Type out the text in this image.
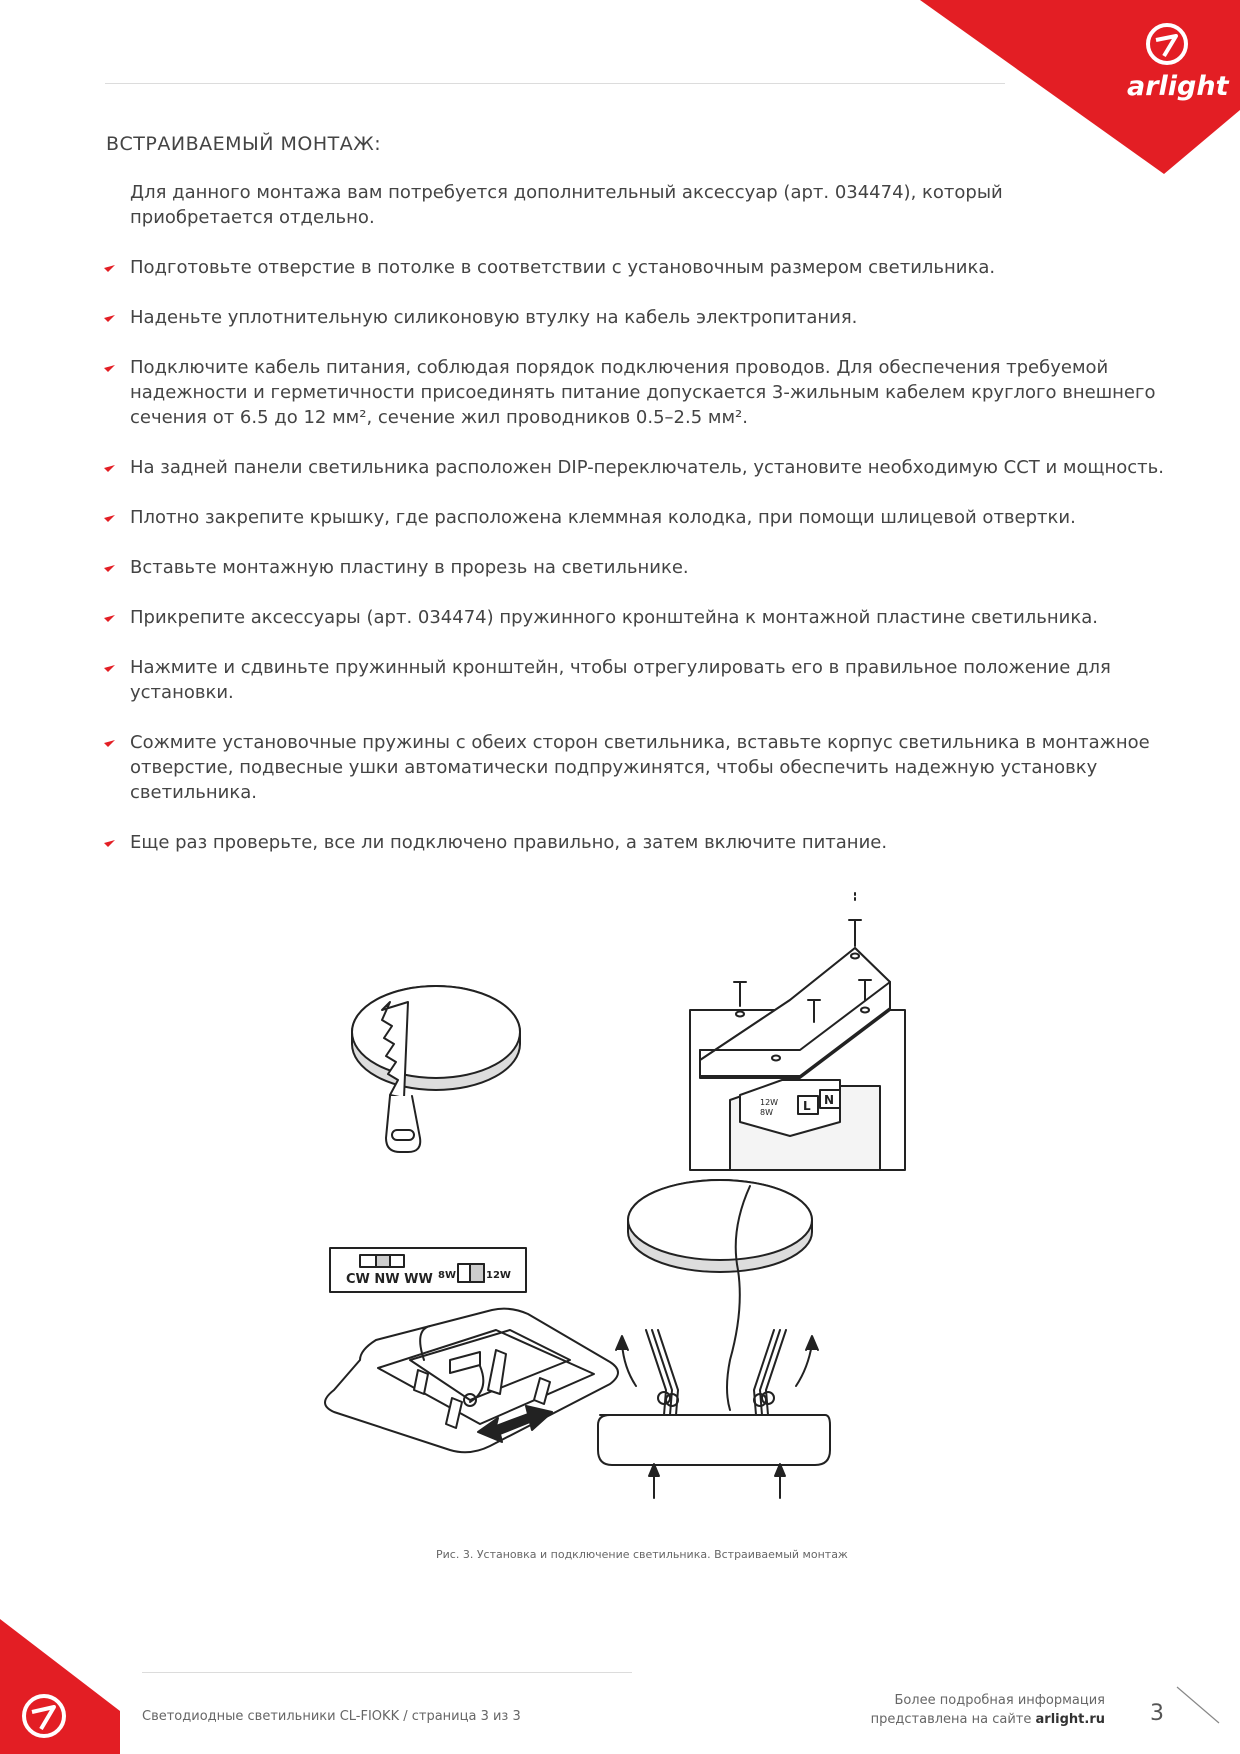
arlight
ВСТРАИВАЕМЫЙ МОНТАЖ:
Для данного монтажа вам потребуется дополнительный аксессуар (арт. 034474), который приобретается отдельно.
Подготовьте отверстие в потолке в соответствии с установочным размером светильника.
Наденьте уплотнительную силиконовую втулку на кабель электропитания.
Подключите кабель питания, соблюдая порядок подключения проводов. Для обеспечения требуемой надежности и герметичности присоединять питание допускается 3-жильным кабелем круглого внешнего сечения от 6.5 до 12 мм², сечение жил проводников 0.5–2.5 мм².
На задней панели светильника расположен DIP-переключатель, установите необходимую CCT и мощность.
Плотно закрепите крышку, где расположена клеммная колодка, при помощи шлицевой отвертки.
Вставьте монтажную пластину в прорезь на светильнике.
Прикрепите аксессуары (арт. 034474) пружинного кронштейна к монтажной пластине светильника.
Нажмите и сдвиньте пружинный кронштейн, чтобы отрегулировать его в правильное положение для установки.
Сожмите установочные пружины с обеих сторон светильника, вставьте корпус светильника в монтажное отверстие, подвесные ушки автоматически подпружинятся, чтобы обеспечить надежную установку светильника.
Еще раз проверьте, все ли подключено правильно, а затем включите питание.
12W
8W	L N
CW NW WW 8W	12W
Рис. 3. Установка и подключение светильника. Встраиваемый монтаж
Светодиодные светильники CL-FIOKK / страница 3 из 3
Более подробная информация
представлена на сайте arlight.ru 3
